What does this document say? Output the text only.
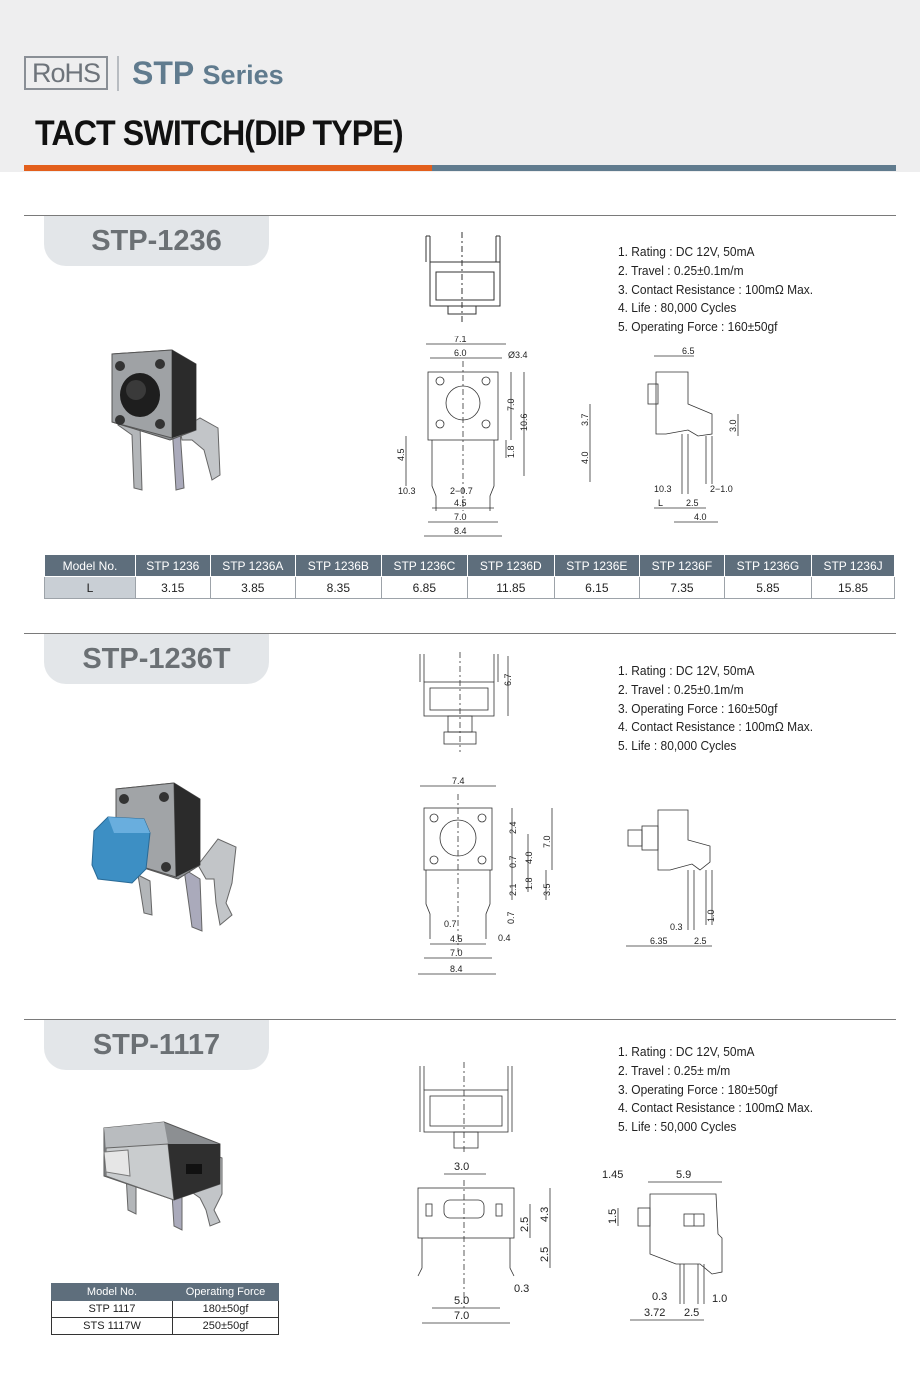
RoHS STP Series
TACT SWITCH(DIP TYPE)
STP-1236	1. Rating : DC 12V, 50mA
2. Travel : 0.25±0.1m/m
3. Contact Resistance : 100mΩ Max.
4. Life : 80,000 Cycles
5. Operating Force : 160±50gf
7.1
6.0	Ø3.4
7.0
10.6
4.5	1.8
10.3	2−0.7
4.5
7.0
8.4
6.5
3.7	3.0
4.0
10.3	2−1.0
L	2.5
4.0
Model No.	STP 1236	STP 1236A	STP 1236B	STP 1236C	STP 1236D	STP 1236E	STP 1236F	STP 1236G	STP 1236J
L	3.15	3.85	8.35	6.85	11.85	6.15	7.35	5.85	15.85
STP-1236T	1. Rating : DC 12V, 50mA
2. Travel : 0.25±0.1m/m
3. Operating Force : 160±50gf
4. Contact Resistance : 100mΩ Max.
5. Life : 80,000 Cycles
6.7
7.4
2.4
7.0
0.7 4.0
2.1 1.8 3.5
0.7	0.7
0.4
4.5
7.0
8.4
0.3
1.0
6.35	2.5
STP-1117	1. Rating : DC 12V, 50mA
2. Travel : 0.25± m/m
3. Operating Force : 180±50gf
4. Contact Resistance : 100mΩ Max.
5. Life : 50,000 Cycles
3.0
4.3
2.5
2.5
5.0
0.3
7.0
1.45	5.9
1.5
0.3	1.0
3.72 2.5
Model No.	Operating Force
STP 1117	180±50gf
STS 1117W	250±50gf
